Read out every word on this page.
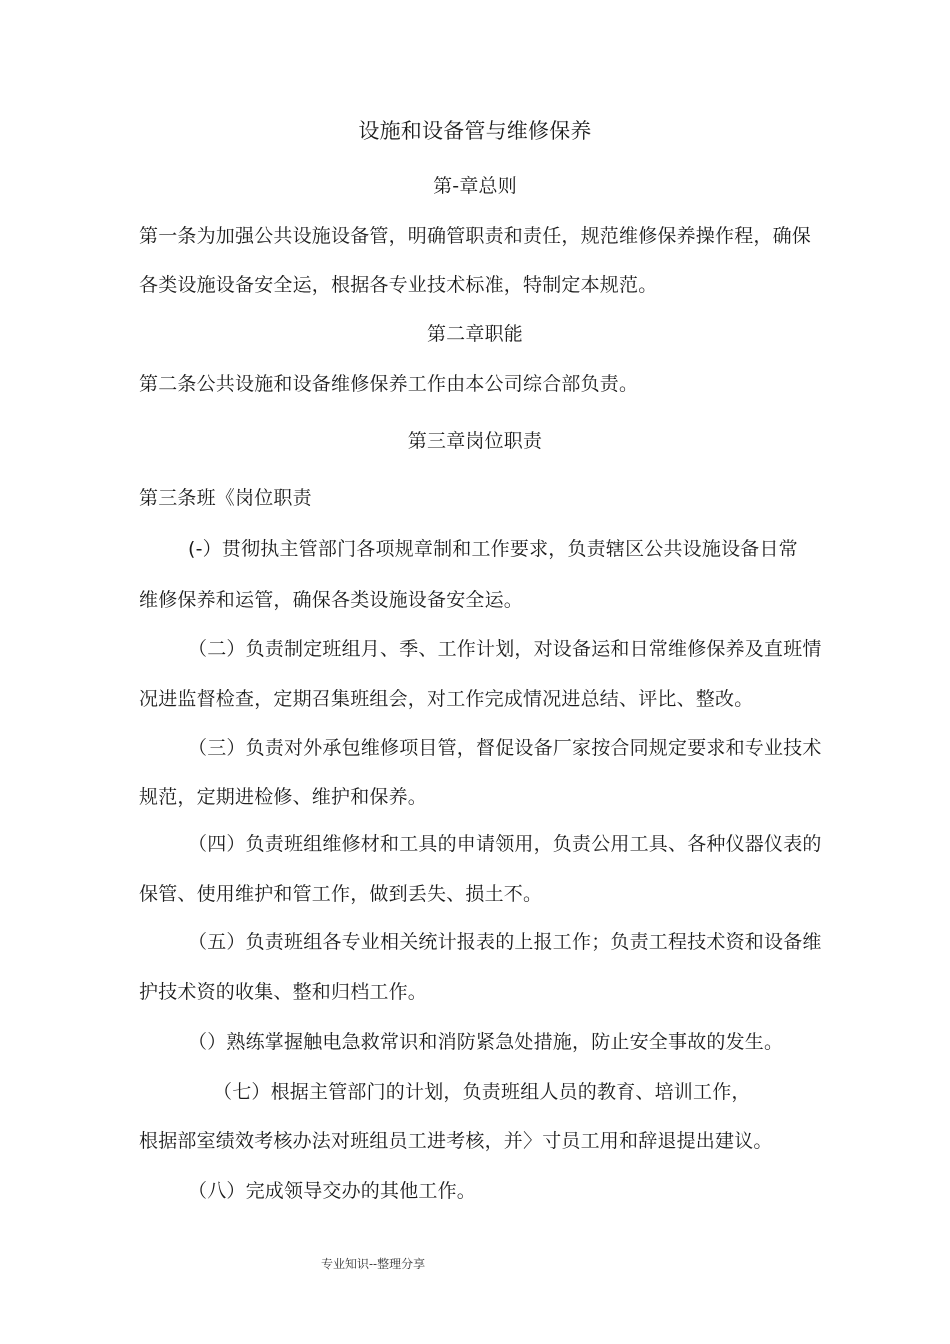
设施和设备管与维修保养
第-章总则
第一条为加强公共设施设备管，明确管职责和责任，规范维修保养操作程，确保
各类设施设备安全运，根据各专业技术标准，特制定本规范。
第二章职能
第二条公共设施和设备维修保养工作由本公司综合部负责。
第三章岗位职责
第三条班《岗位职责
(-）贯彻执主管部门各项规章制和工作要求，负责辖区公共设施设备日常
维修保养和运管，确保各类设施设备安全运。
（二）负责制定班组月、季、工作计划，对设备运和日常维修保养及直班情
况进监督检查，定期召集班组会，对工作完成情况进总结、评比、整改。
（三）负责对外承包维修项目管，督促设备厂家按合同规定要求和专业技术
规范，定期进检修、维护和保养。
（四）负责班组维修材和工具的申请领用，负责公用工具、各种仪器仪表的
保管、使用维护和管工作，做到丢失、损土不。
（五）负责班组各专业相关统计报表的上报工作；负责工程技术资和设备维
护技术资的收集、整和归档工作。
（）熟练掌握触电急救常识和消防紧急处措施，防止安全事故的发生。
（七）根据主管部门的计划，负责班组人员的教育、培训工作，
根据部室绩效考核办法对班组员工进考核，并〉寸员工用和辞退提出建议。
（八）完成领导交办的其他工作。
专业知识--整理分享
